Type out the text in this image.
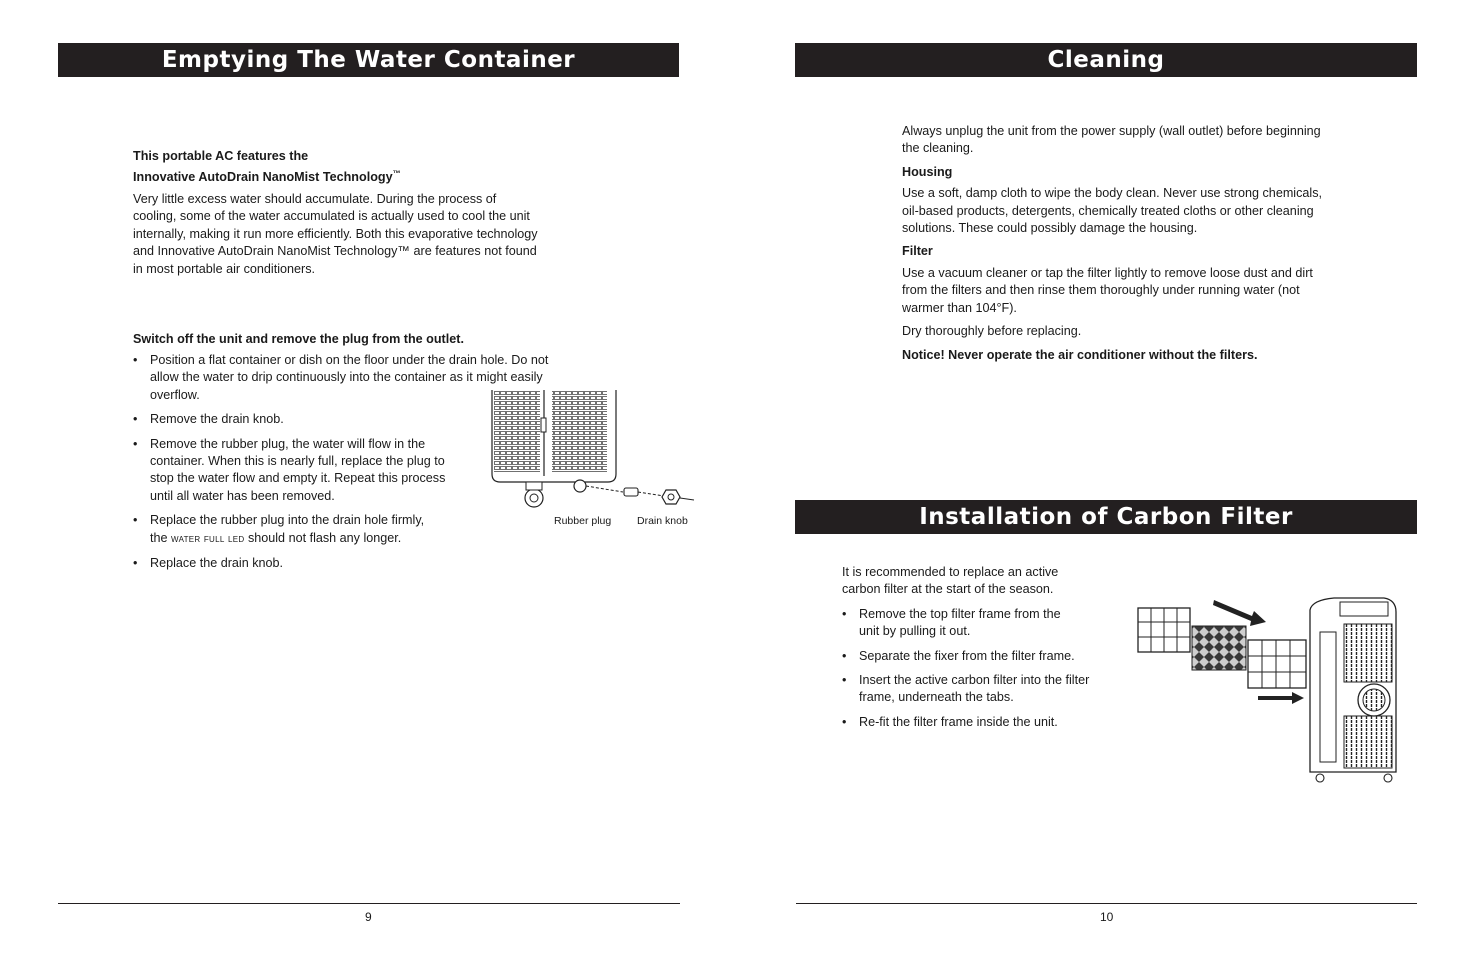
Emptying The Water Container

This portable AC features the

Innovative AutoDrain NanoMist Technology™

Very little excess water should accumulate. During the process of cooling, some of the water accumulated is actually used to cool the unit internally, making it run more efficiently. Both this evaporative technology and Innovative AutoDrain NanoMist Technology™ are features not found in most portable air conditioners.

Switch off the unit and remove the plug from the outlet.
• Position a flat container or dish on the floor under the drain hole. Do not allow the water to drip continuously into the container as it might easily overflow.
• Remove the drain knob.
• Remove the rubber plug, the water will flow in the container. When this is nearly full, replace the plug to stop the water flow and empty it. Repeat this process until all water has been removed.
• Replace the rubber plug into the drain hole firmly,
the water full led should not flash any longer.
• Replace the drain knob.
Rubber plug Drain knob
9
Cleaning

Always unplug the unit from the power supply (wall outlet) before beginning the cleaning.

Housing

Use a soft, damp cloth to wipe the body clean. Never use strong chemicals, oil-based products, detergents, chemically treated cloths or other cleaning solutions. These could possibly damage the housing.

Filter

Use a vacuum cleaner or tap the filter lightly to remove loose dust and dirt from the filters and then rinse them thoroughly under running water (not warmer than 104°F).

Dry thoroughly before replacing.

Notice! Never operate the air conditioner without the filters.

Installation of Carbon Filter

It is recommended to replace an active carbon filter at the start of the season.

• Remove the top filter frame from the unit by pulling it out.
• Separate the fixer from the filter frame.
• Insert the active carbon filter into the filter frame, underneath the tabs.
• Re-fit the filter frame inside the unit.
10
